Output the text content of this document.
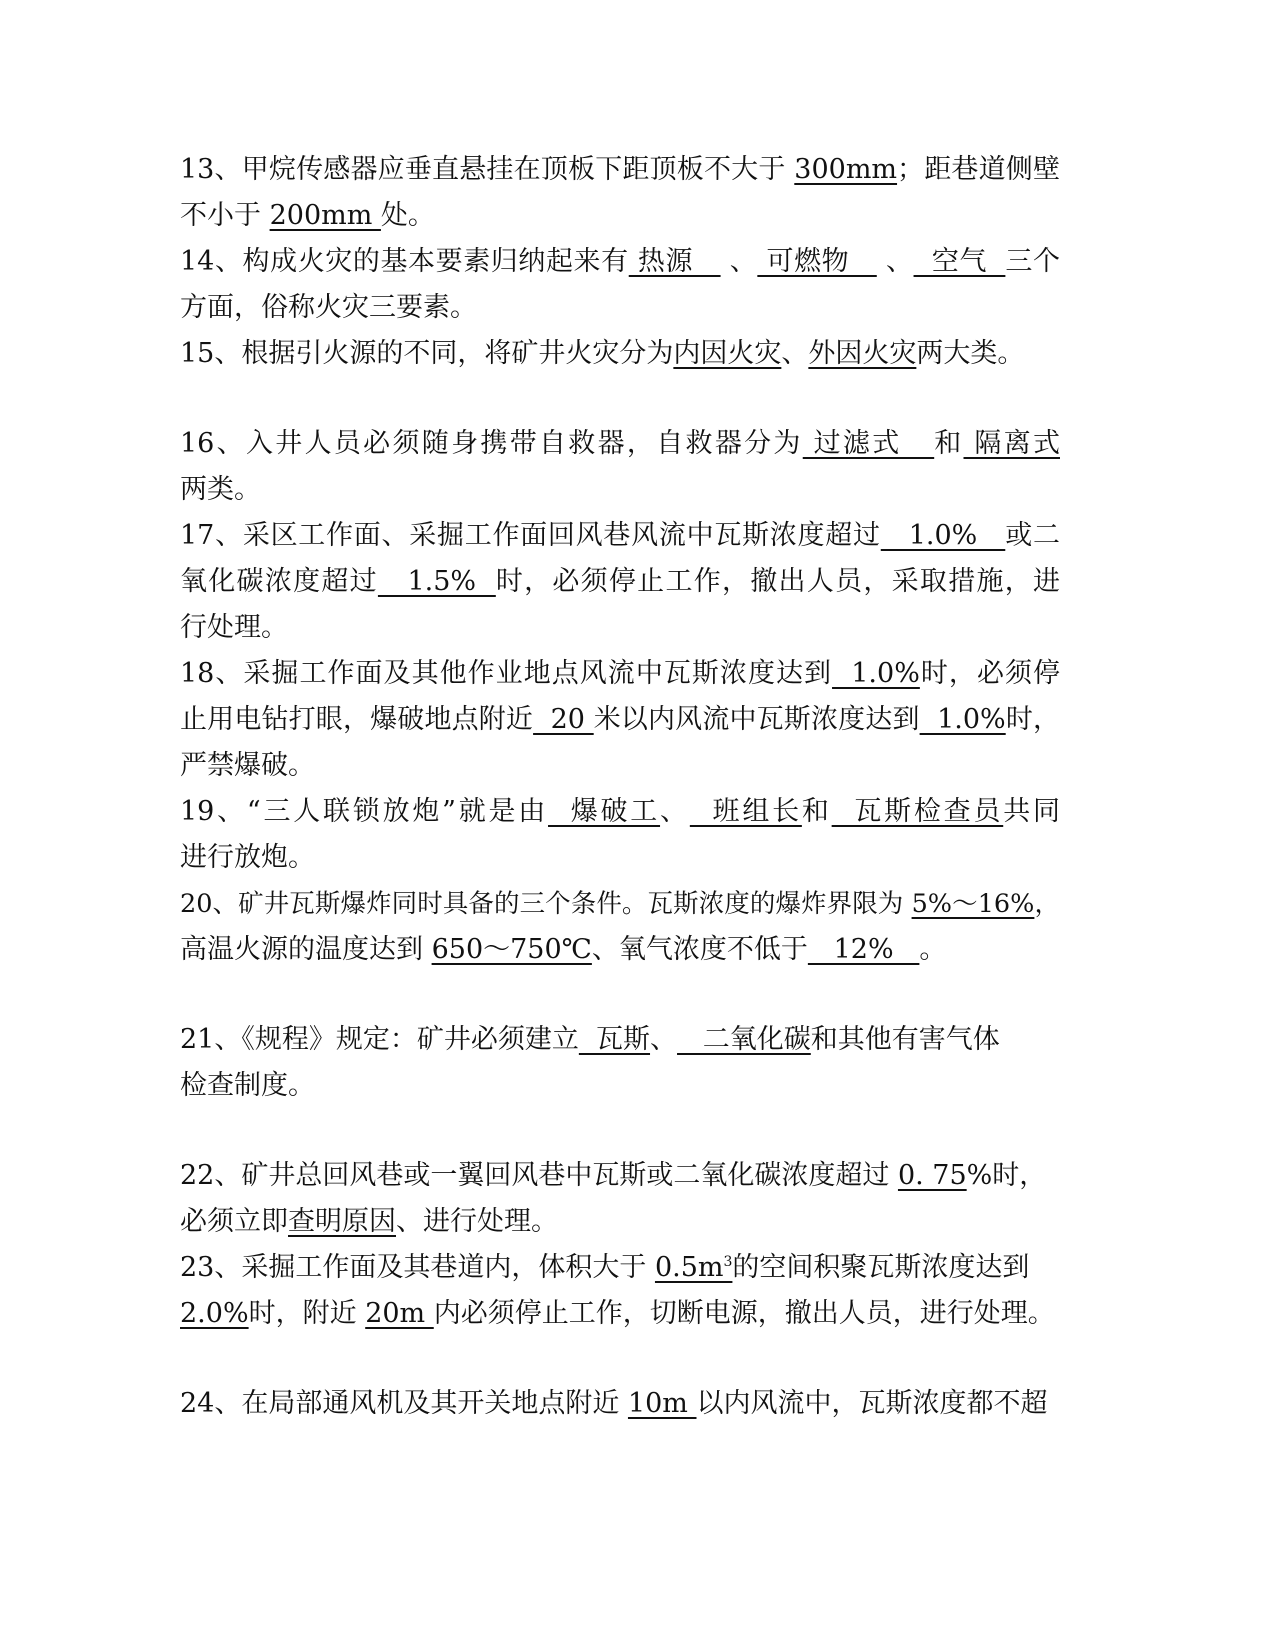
13、甲烷传感器应垂直悬挂在顶板下距顶板不大于 300mm；距巷道侧壁
不小于 200mm 处。
14、构成火灾的基本要素归纳起来有 热源    、 可燃物    、  空气  三个
方面，俗称火灾三要素。
15、根据引火源的不同，将矿井火灾分为内因火灾、外因火灾两大类。
16、入井人员必须随身携带自救器，自救器分为 过滤式   和 隔离式
两类。
17、采区工作面、采掘工作面回风巷风流中瓦斯浓度超过   1.0%   或二
氧化碳浓度超过   1.5%  时，必须停止工作，撤出人员，采取措施，进
行处理。
18、采掘工作面及其他作业地点风流中瓦斯浓度达到  1.0%时，必须停
止用电钻打眼，爆破地点附近  20 米以内风流中瓦斯浓度达到  1.0%时，
严禁爆破。
19、“三人联锁放炮”就是由  爆破工、  班组长和  瓦斯检查员共同
进行放炮。
20、矿井瓦斯爆炸同时具备的三个条件。瓦斯浓度的爆炸界限为 5%～16%，
高温火源的温度达到 650～750℃、氧气浓度不低于   12%   。
21、《规程》规定：矿井必须建立  瓦斯、   二氧化碳和其他有害气体
检查制度。
22、矿井总回风巷或一翼回风巷中瓦斯或二氧化碳浓度超过 0. 75%时，
必须立即查明原因、进行处理。
23、采掘工作面及其巷道内，体积大于 $0.5m^3$的空间积聚瓦斯浓度达到
2.0%时，附近 20m 内必须停止工作，切断电源，撤出人员，进行处理。
24、在局部通风机及其开关地点附近 10m 以内风流中，瓦斯浓度都不超
